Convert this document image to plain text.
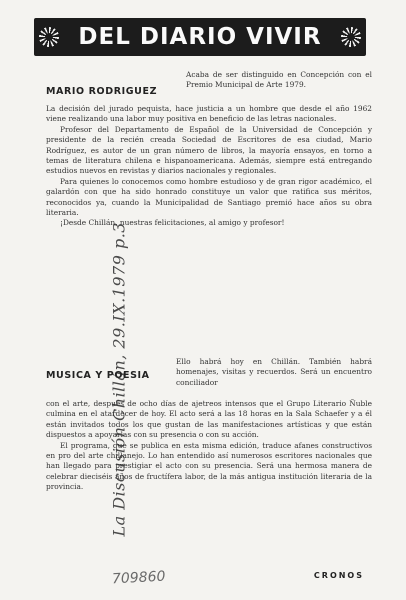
DEL DIARIO VIVIR
La Discusión Chillán, 29.IX.1979 p.3
MARIO RODRIGUEZ

Acaba de ser distinguido en Concepción con el Premio Municipal de Arte 1979.

La decisión del jurado pequista, hace justicia a un hombre que desde el año 1962 viene realizando una labor muy positiva en beneficio de las letras nacionales.

Profesor del Departamento de Español de la Universidad de Concepción y presidente de la recién creada Sociedad de Escritores de esa ciudad, Mario Rodríguez, es autor de un gran número de libros, la mayoría ensayos, en torno a temas de literatura chilena e hispanoamericana. Además, siempre está entregando estudios nuevos en revistas y diarios nacionales y regionales.

Para quienes lo conocemos como hombre estudioso y de gran rigor académico, el galardón con que ha sido honrado constituye un valor que ratifica sus méritos, reconocidos ya, cuando la Municipalidad de Santiago premió hace años su obra literaria.

¡Desde Chillán, nuestras felicitaciones, al amigo y profesor!

MUSICA Y POESIA

Ello habrá hoy en Chillán. También habrá homenajes, visitas y recuerdos. Será un encuentro conciliador

con el arte, después de ocho días de ajetreos intensos que el Grupo Literario Ñuble culmina en el atardecer de hoy. El acto será a las 18 horas en la Sala Schaefer y a él están invitados todos los que gustan de las manifestaciones artísticas y que están dispuestos a apoyarlas con su presencia o con su acción.

El programa, que se publica en esta misma edición, traduce afanes constructivos en pro del arte chillanejo. Lo han entendido así numerosos escritores nacionales que han llegado para prestigiar el acto con su presencia. Será una hermosa manera de celebrar dieciséis años de fructífera labor, de la más antigua institución literaria de la provincia.

709860	CRONOS
